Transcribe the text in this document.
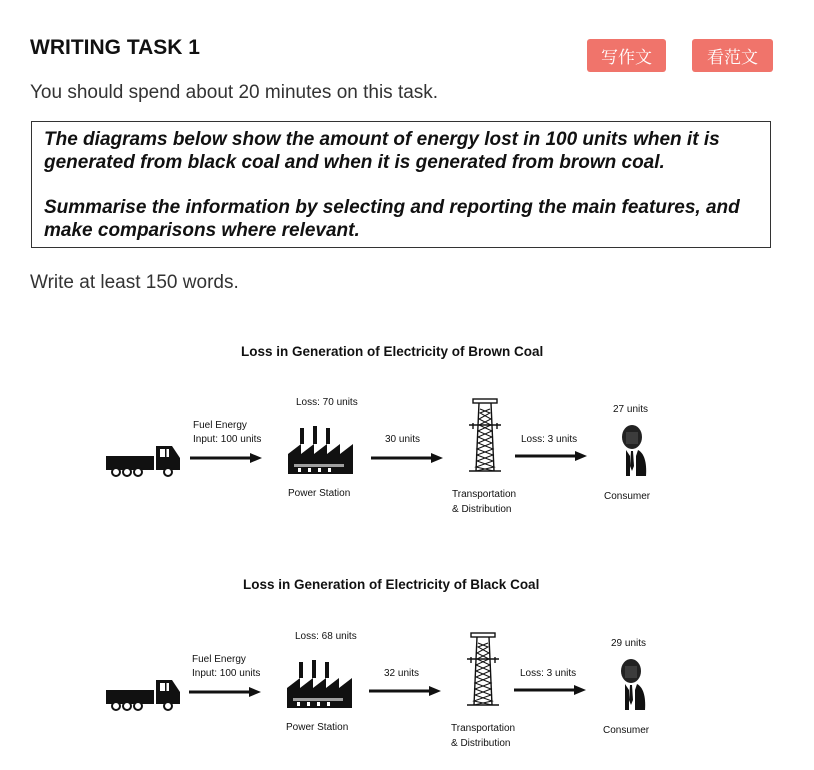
WRITING TASK 1	写作文	看范文

You should spend about 20 minutes on this task.

The diagrams below show the amount of energy lost in 100 units when it is generated from black coal and when it is generated from brown coal.

Summarise the information by selecting and reporting the main features, and make comparisons where relevant.

Write at least 150 words.

Loss in Generation of Electricity of Brown Coal
Fuel Energy
Input: 100 units
Loss: 70 units
Power Station
30 units
Transportation
& Distribution
Loss: 3 units
27 units
Consumer
Loss in Generation of Electricity of Black Coal
Fuel Energy
Input: 100 units
Loss: 68 units
Power Station
32 units
Transportation
& Distribution
Loss: 3 units
29 units
Consumer
